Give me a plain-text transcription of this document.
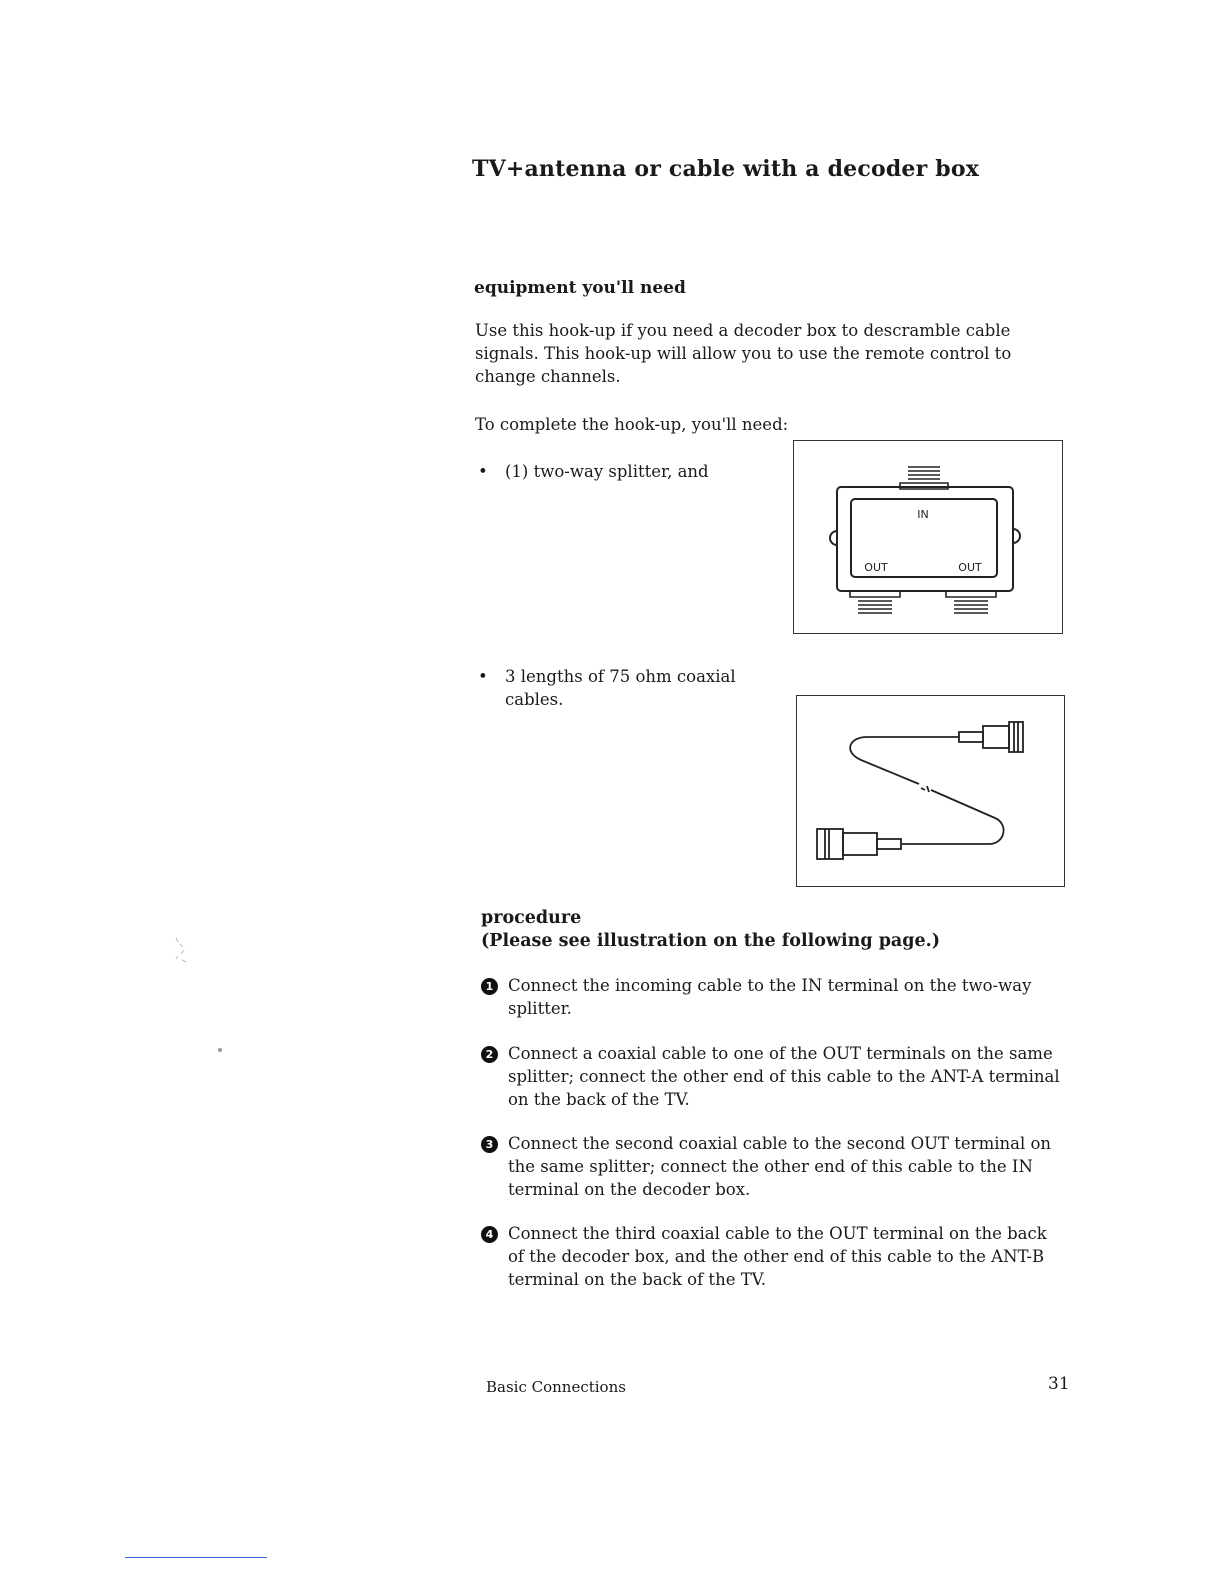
TV+antenna or cable with a decoder box
equipment you'll need
Use this hook-up if you need a decoder box to descramble cable signals. This hook-up will allow you to use the remote control to change channels.
To complete the hook-up, you'll need:
• (1) two-way splitter, and
IN
OUT	OUT
• 3 lengths of 75 ohm coaxial cables.
procedure
(Please see illustration on the following page.)
1 Connect the incoming cable to the IN terminal on the two-way splitter.
2 Connect a coaxial cable to one of the OUT terminals on the same splitter; connect the other end of this cable to the ANT-A terminal on the back of the TV.
3 Connect the second coaxial cable to the second OUT terminal on the same splitter; connect the other end of this cable to the IN terminal on the decoder box.
4 Connect the third coaxial cable to the OUT terminal on the back of the decoder box, and the other end of this cable to the ANT-B terminal on the back of the TV.
Basic Connections	31
